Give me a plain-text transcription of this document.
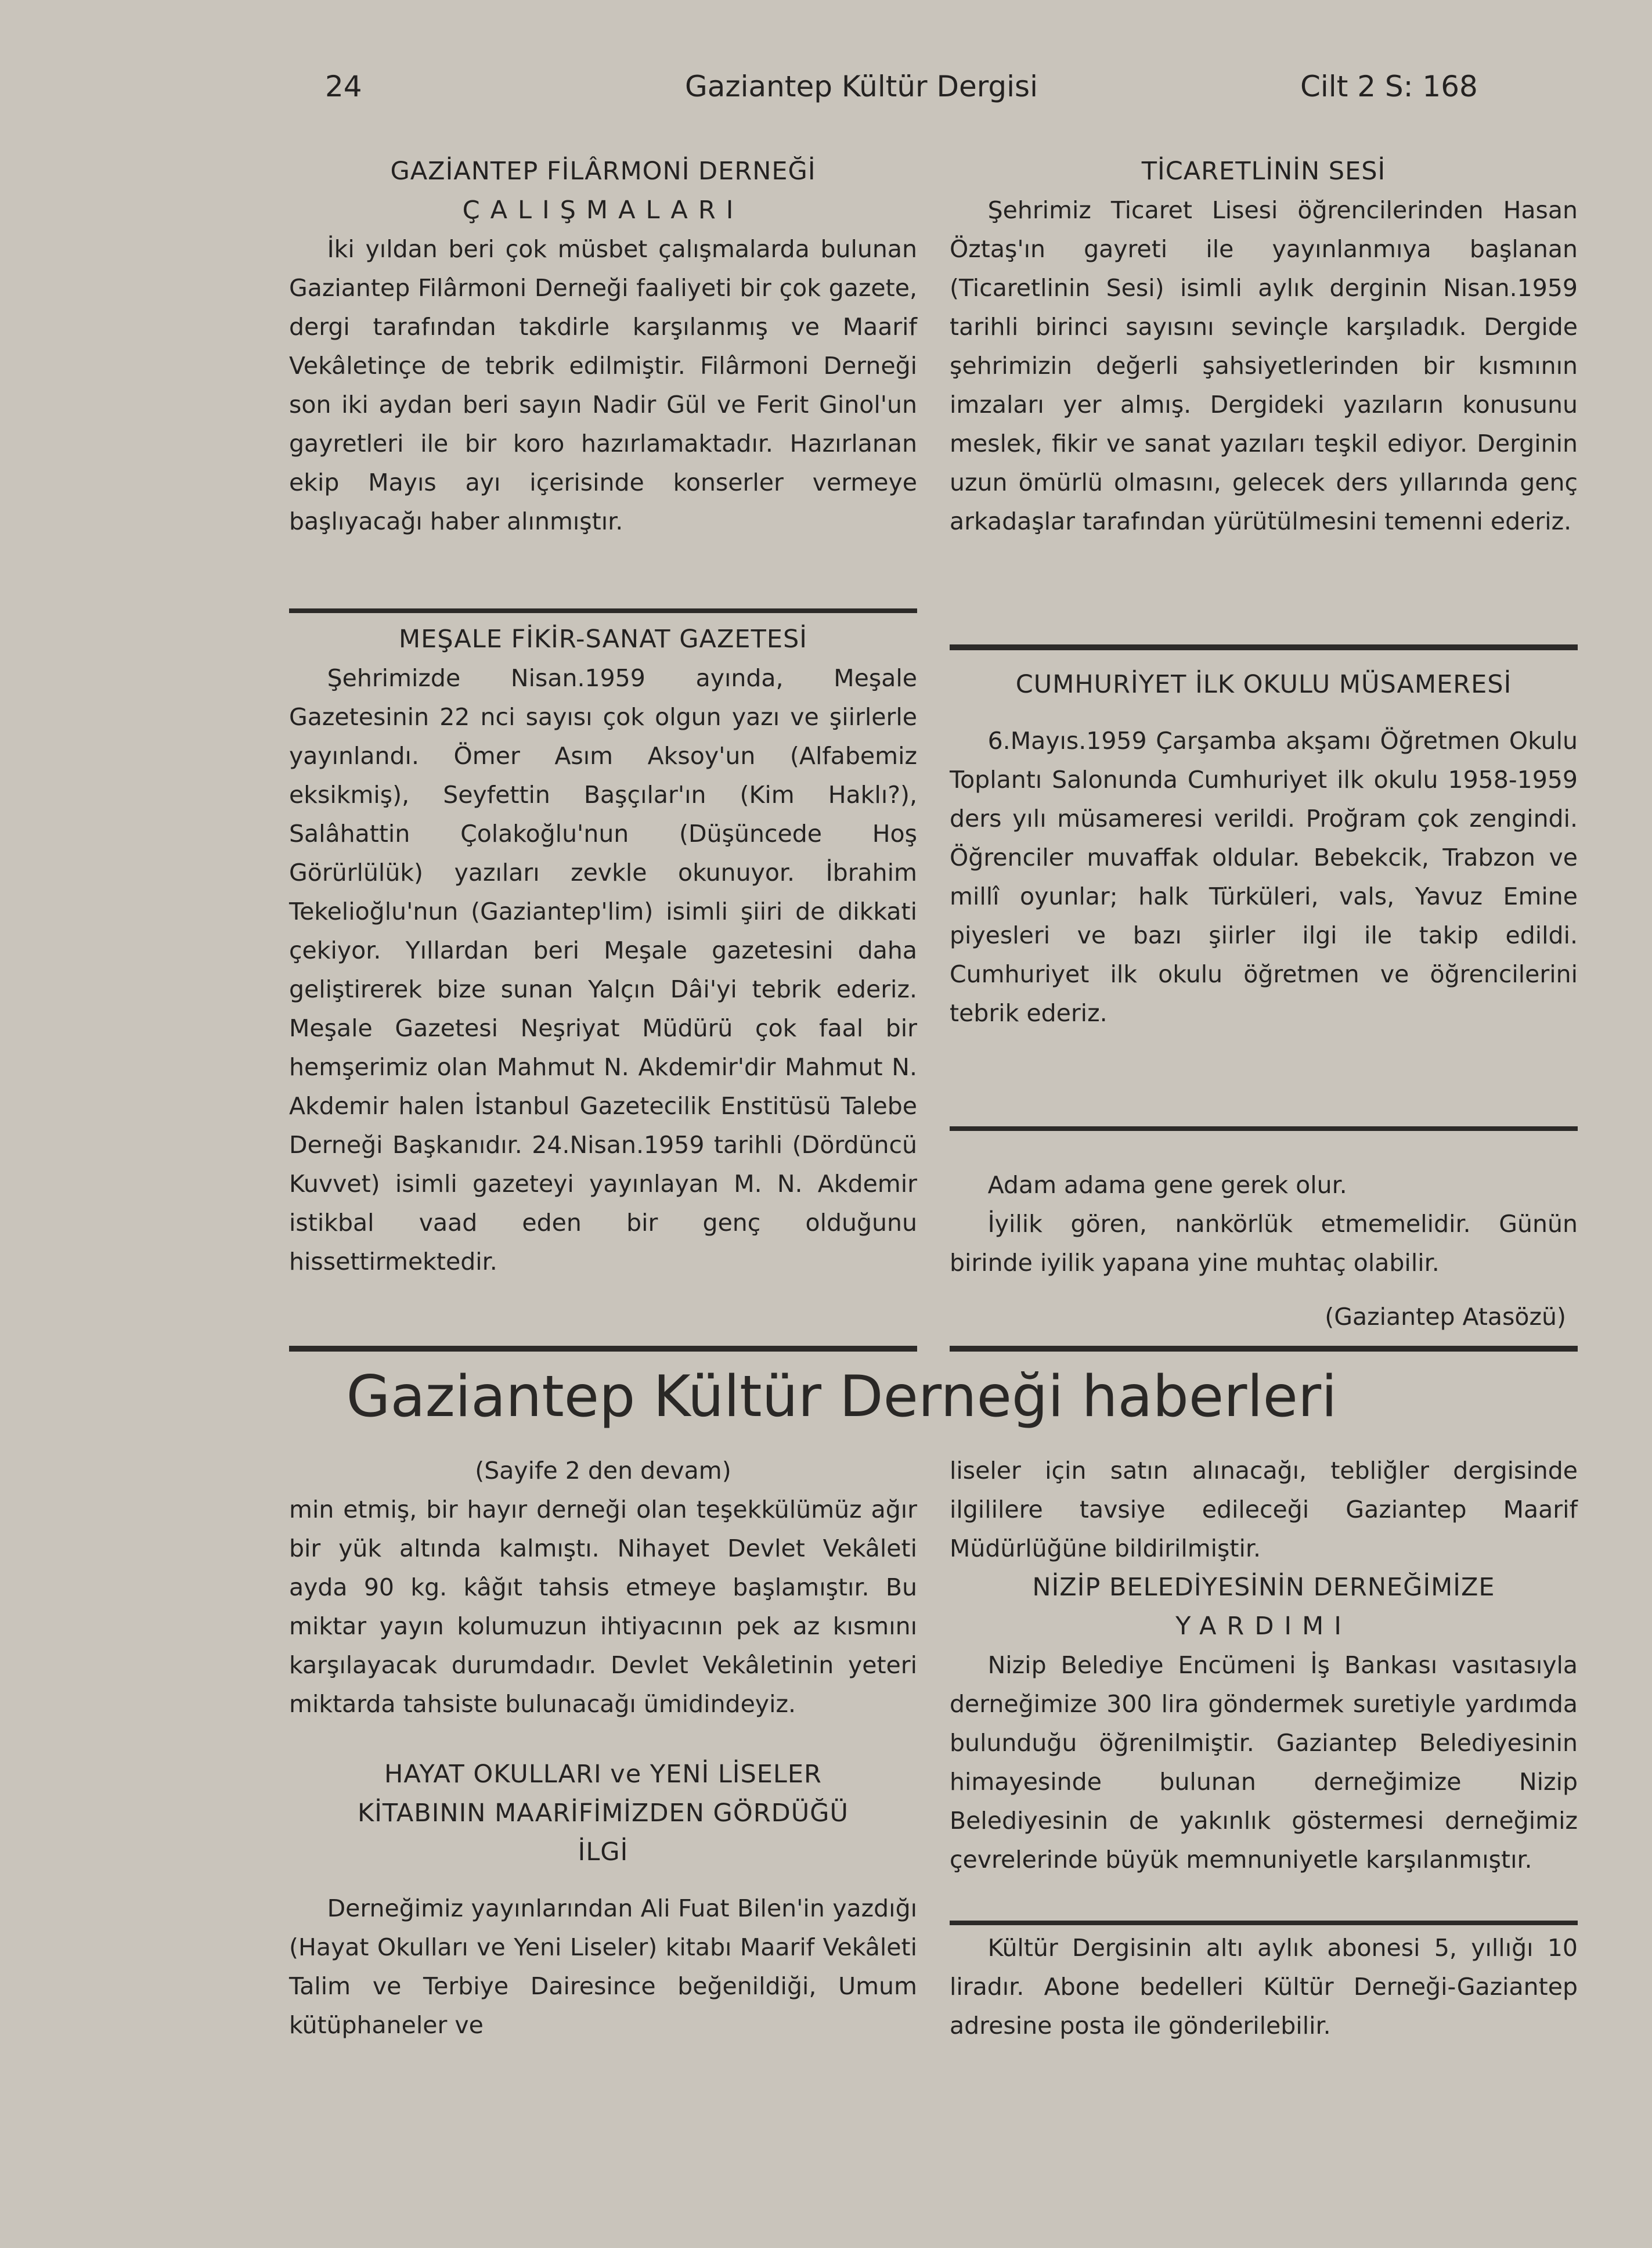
24	Gaziantep Kültür Dergisi	Cilt 2 S: 168
GAZİANTEP FİLÂRMONİ DERNEĞİ
ÇALIŞMALARI

İki yıldan beri çok müsbet çalışmalarda bulunan Gaziantep Filârmoni Derneği faaliyeti bir çok gazete, dergi tarafından takdirle karşılanmış ve Maarif Vekâletinçe de tebrik edilmiştir. Filârmoni Derneği son iki aydan beri sayın Nadir Gül ve Ferit Ginol'un gayretleri ile bir koro hazırlamaktadır. Hazırlanan ekip Mayıs ayı içerisinde konserler vermeye başlıyacağı haber alınmıştır.

MEŞALE FİKİR-SANAT GAZETESİ

Şehrimizde Nisan.1959 ayında, Meşale Gazetesinin 22 nci sayısı çok olgun yazı ve şiirlerle yayınlandı. Ömer Asım Aksoy'un (Alfabemiz eksikmiş), Seyfettin Başçılar'ın (Kim Haklı?), Salâhattin Çolakoğlu'nun (Düşüncede Hoş Görürlülük) yazıları zevkle okunuyor. İbrahim Tekelioğlu'nun (Gaziantep'lim) isimli şiiri de dikkati çekiyor. Yıllardan beri Meşale gazetesini daha geliştirerek bize sunan Yalçın Dâi'yi tebrik ederiz. Meşale Gazetesi Neşriyat Müdürü çok faal bir hemşerimiz olan Mahmut N. Akdemir'dir Mahmut N. Akdemir halen İstanbul Gazetecilik Enstitüsü Talebe Derneği Başkanıdır. 24.Nisan.1959 tarihli (Dördüncü Kuvvet) isimli gazeteyi yayınlayan M. N. Akdemir istikbal vaad eden bir genç olduğunu hissettirmektedir.

TİCARETLİNİN SESİ

Şehrimiz Ticaret Lisesi öğrencilerinden Hasan Öztaş'ın gayreti ile yayınlanmıya başlanan (Ticaretlinin Sesi) isimli aylık derginin Nisan.1959 tarihli birinci sayısını sevinçle karşıladık. Dergide şehrimizin değerli şahsiyetlerinden bir kısmının imzaları yer almış. Dergideki yazıların konusunu meslek, fikir ve sanat yazıları teşkil ediyor. Derginin uzun ömürlü olmasını, gelecek ders yıllarında genç arkadaşlar tarafından yürütülmesini temenni ederiz.

CUMHURİYET İLK OKULU MÜSAMERESİ

6.Mayıs.1959 Çarşamba akşamı Öğretmen Okulu Toplantı Salonunda Cumhuriyet ilk okulu 1958-1959 ders yılı müsameresi verildi. Proğram çok zengindi. Öğrenciler muvaffak oldular. Bebekcik, Trabzon ve millî oyunlar; halk Türküleri, vals, Yavuz Emine piyesleri ve bazı şiirler ilgi ile takip edildi. Cumhuriyet ilk okulu öğretmen ve öğrencilerini tebrik ederiz.

Adam adama gene gerek olur.

İyilik gören, nankörlük etmemelidir. Günün birinde iyilik yapana yine muhtaç olabilir.

(Gaziantep Atasözü)
Gaziantep Kültür Derneği haberleri

(Sayife 2 den devam)

min etmiş, bir hayır derneği olan teşekkülümüz ağır bir yük altında kalmıştı. Nihayet Devlet Vekâleti ayda 90 kg. kâğıt tahsis etmeye başlamıştır. Bu miktar yayın kolumuzun ihtiyacının pek az kısmını karşılayacak durumdadır. Devlet Vekâletinin yeteri miktarda tahsiste bulunacağı ümidindeyiz.

HAYAT OKULLARI ve YENİ LİSELER KİTABININ MAARİFİMİZDEN GÖRDÜĞÜ İLGİ

Derneğimiz yayınlarından Ali Fuat Bilen'in yazdığı (Hayat Okulları ve Yeni Liseler) kitabı Maarif Vekâleti Talim ve Terbiye Dairesince beğenildiği, Umum kütüphaneler ve

liseler için satın alınacağı, tebliğler dergisinde ilgililere tavsiye edileceği Gaziantep Maarif Müdürlüğüne bildirilmiştir.

NİZİP BELEDİYESİNİN DERNEĞİMİZE
YARDIMI

Nizip Belediye Encümeni İş Bankası vasıtasıyla derneğimize 300 lira göndermek suretiyle yardımda bulunduğu öğrenilmiştir. Gaziantep Belediyesinin himayesinde bulunan derneğimize Nizip Belediyesinin de yakınlık göstermesi derneğimiz çevrelerinde büyük memnuniyetle karşılanmıştır.

Kültür Dergisinin altı aylık abonesi 5, yıllığı 10 liradır. Abone bedelleri Kültür Derneği-Gaziantep adresine posta ile gönderilebilir.
